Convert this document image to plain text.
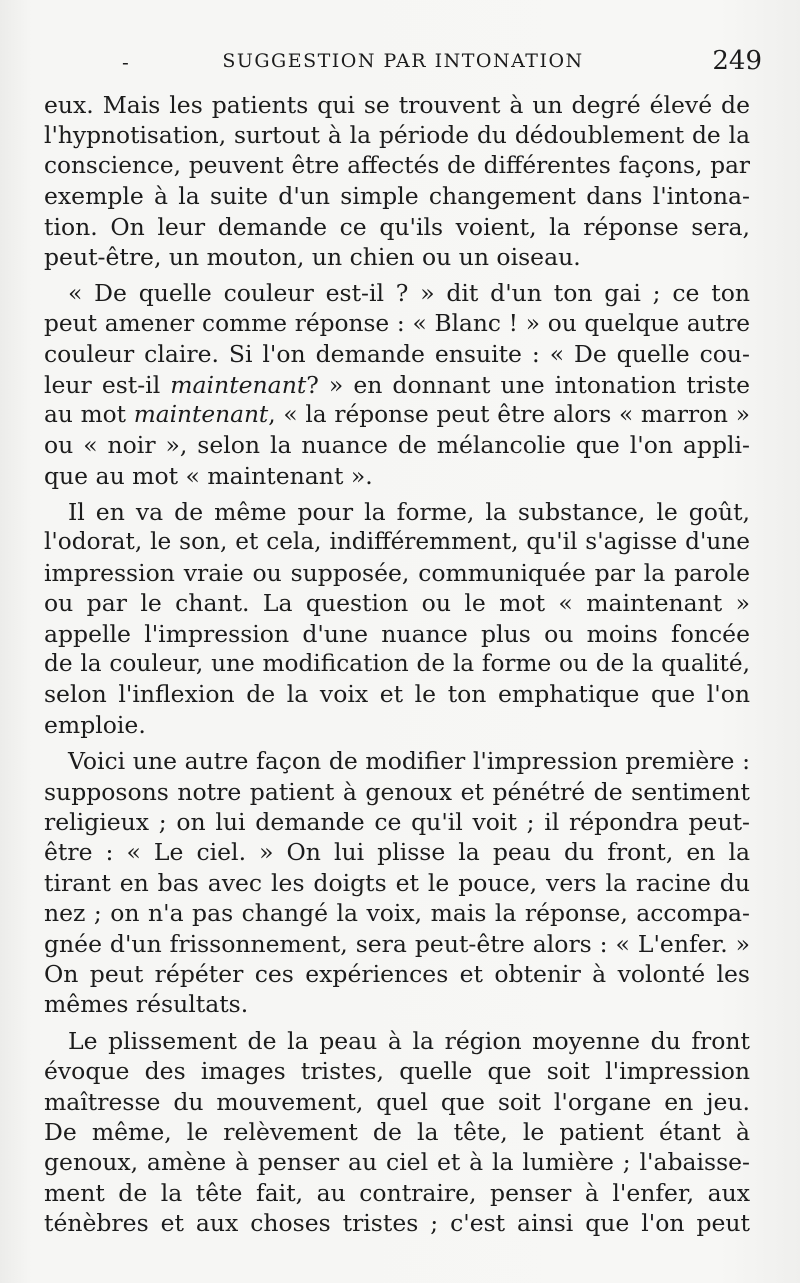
-	SUGGESTION PAR INTONATION	249
eux. Mais les patients qui se trouvent à un degré élevé de
l'hypnotisation, surtout à la période du dédoublement de la
conscience, peuvent être affectés de différentes façons, par
exemple à la suite d'un simple changement dans l'intona-
tion. On leur demande ce qu'ils voient, la réponse sera,
peut-être, un mouton, un chien ou un oiseau.
« De quelle couleur est-il ? » dit d'un ton gai ; ce ton
peut amener comme réponse : « Blanc ! » ou quelque autre
couleur claire. Si l'on demande ensuite : « De quelle cou-
leur est-il maintenant? » en donnant une intonation triste
au mot maintenant, « la réponse peut être alors « marron »
ou « noir », selon la nuance de mélancolie que l'on appli-
que au mot « maintenant ».
Il en va de même pour la forme, la substance, le goût,
l'odorat, le son, et cela, indifféremment, qu'il s'agisse d'une
impression vraie ou supposée, communiquée par la parole
ou par le chant. La question ou le mot « maintenant »
appelle l'impression d'une nuance plus ou moins foncée
de la couleur, une modification de la forme ou de la qualité,
selon l'inflexion de la voix et le ton emphatique que l'on
emploie.
Voici une autre façon de modifier l'impression première :
supposons notre patient à genoux et pénétré de sentiment
religieux ; on lui demande ce qu'il voit ; il répondra peut-
être : « Le ciel. » On lui plisse la peau du front, en la
tirant en bas avec les doigts et le pouce, vers la racine du
nez ; on n'a pas changé la voix, mais la réponse, accompa-
gnée d'un frissonnement, sera peut-être alors : « L'enfer. »
On peut répéter ces expériences et obtenir à volonté les
mêmes résultats.
Le plissement de la peau à la région moyenne du front
évoque des images tristes, quelle que soit l'impression
maîtresse du mouvement, quel que soit l'organe en jeu.
De même, le relèvement de la tête, le patient étant à
genoux, amène à penser au ciel et à la lumière ; l'abaisse-
ment de la tête fait, au contraire, penser à l'enfer, aux
ténèbres et aux choses tristes ; c'est ainsi que l'on peut
